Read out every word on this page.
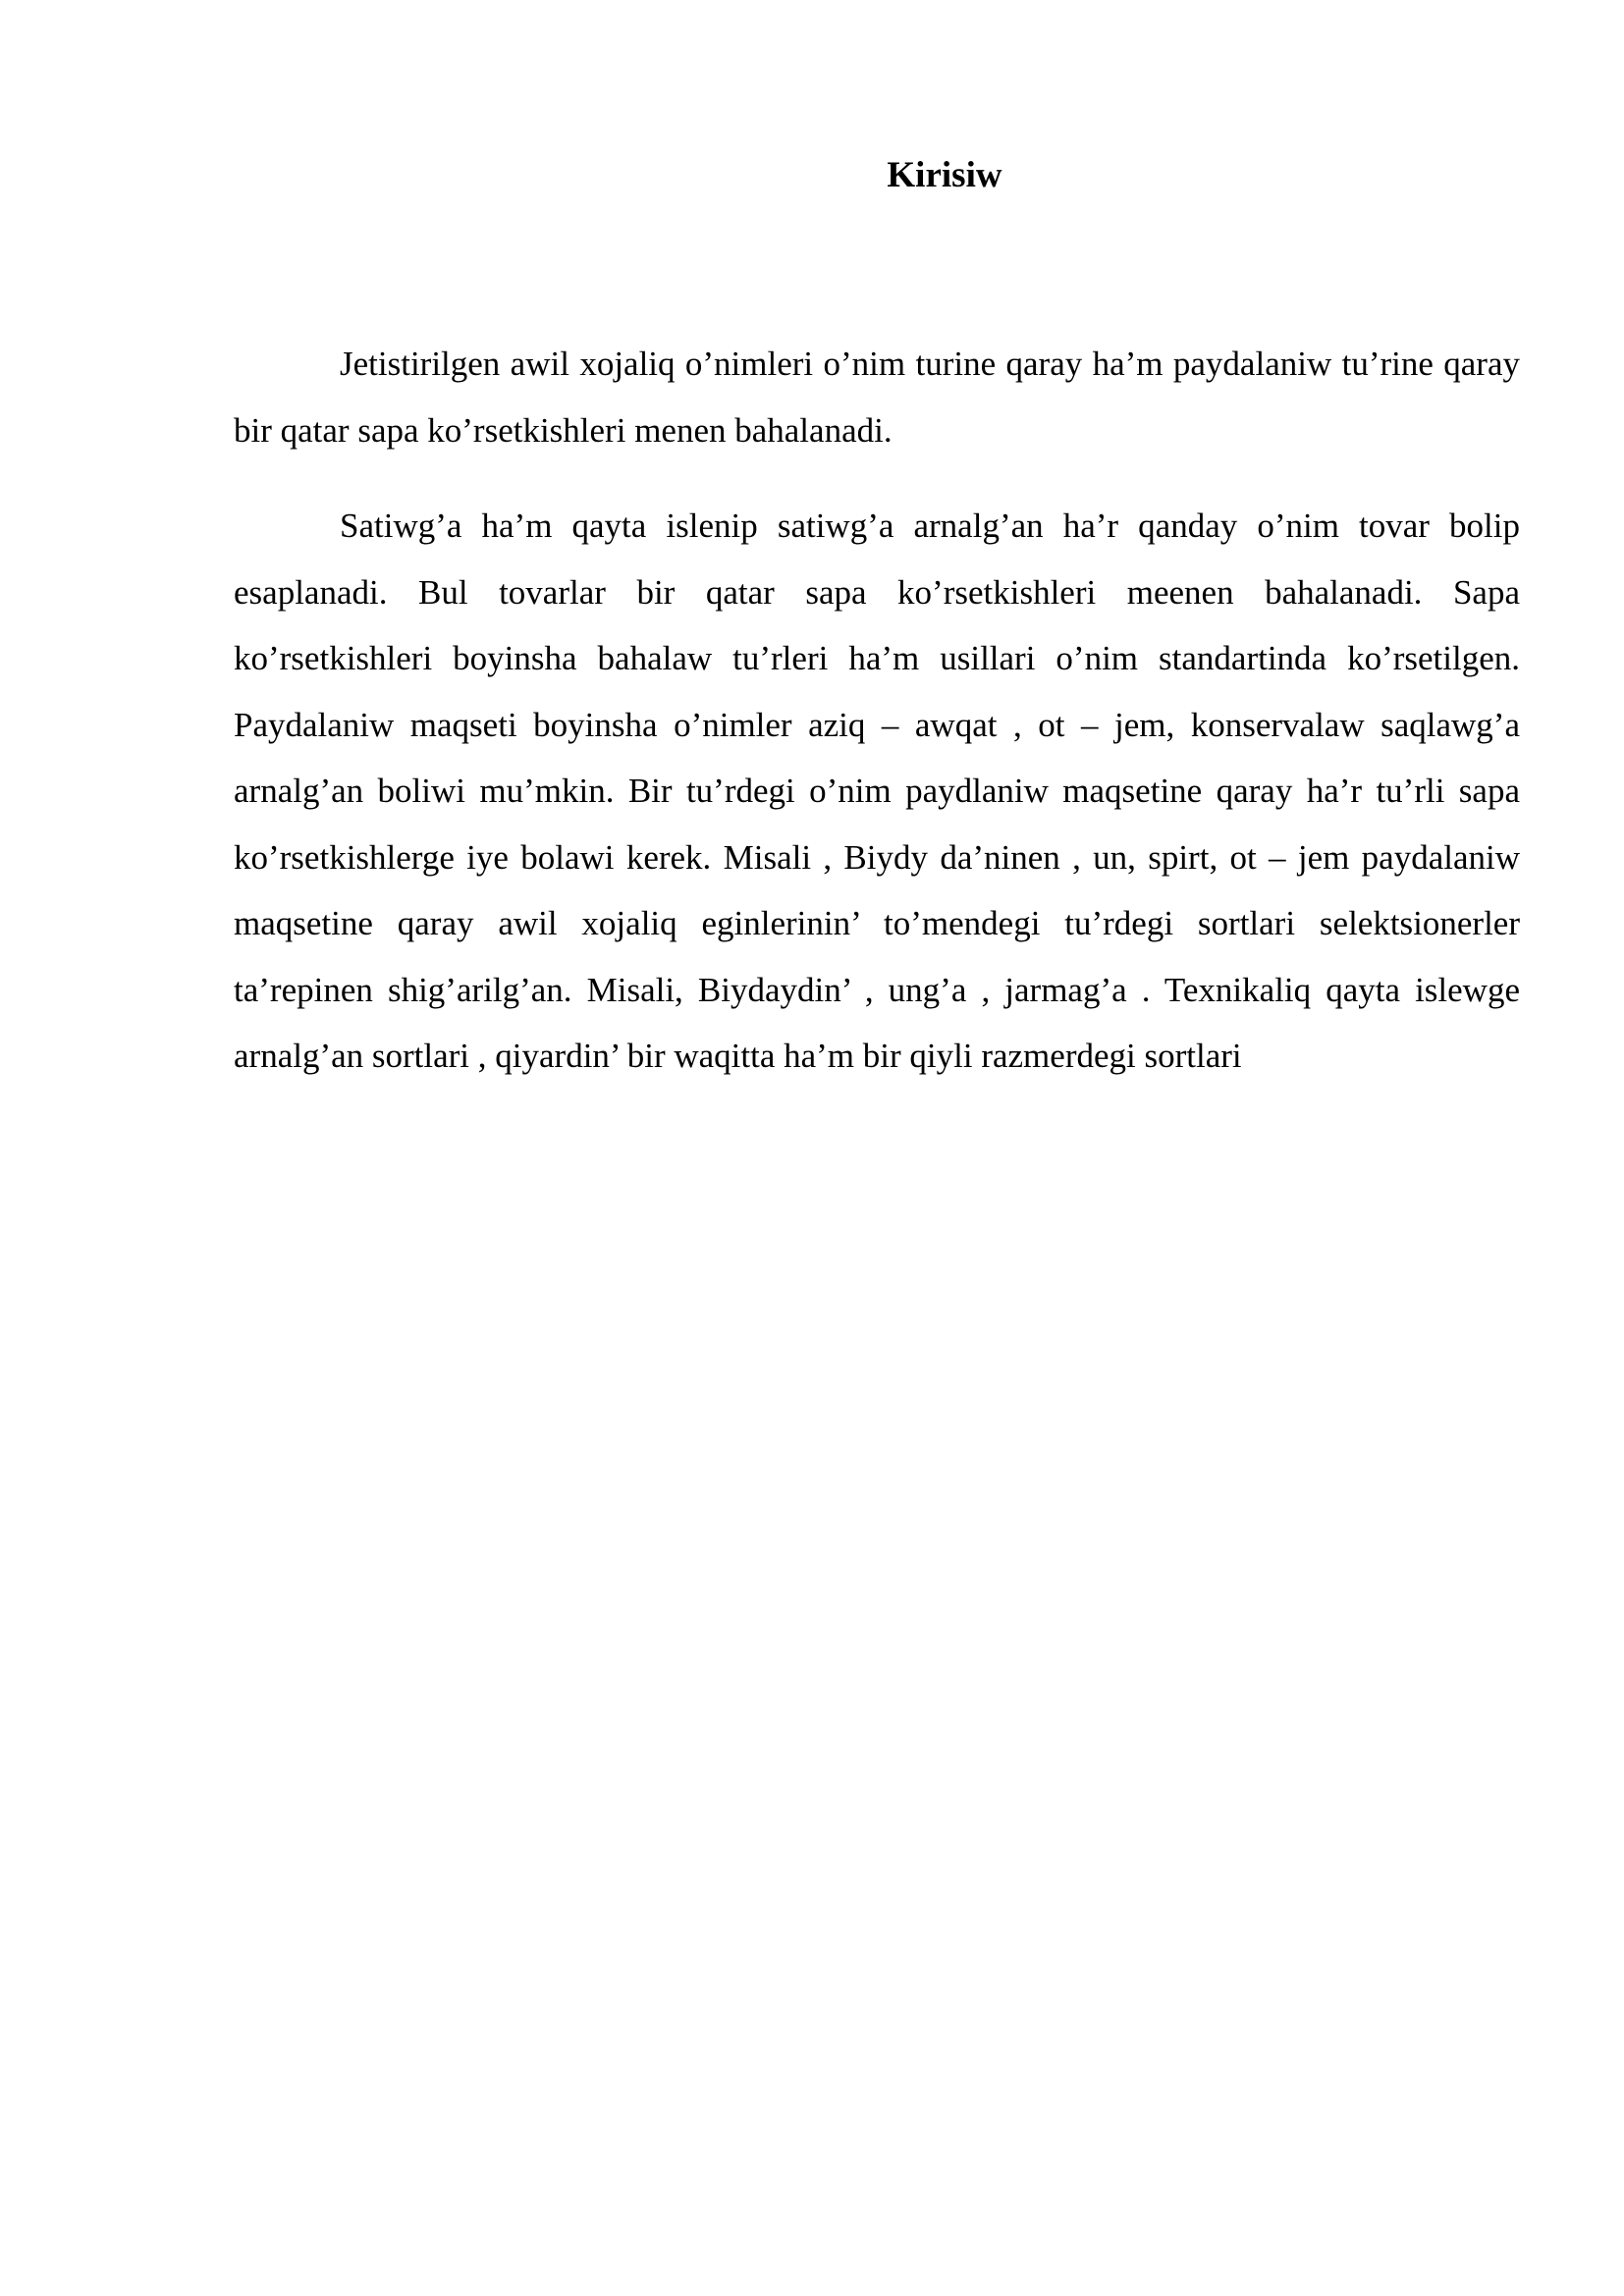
Kirisiw

Jetistirilgen awil xojaliq o’nimleri o’nim turine qaray ha’m paydalaniw tu’rine qaray bir qatar sapa ko’rsetkishleri menen bahalanadi.

Satiwg’a ha’m qayta islenip satiwg’a arnalg’an ha’r qanday o’nim tovar bolip esaplanadi. Bul tovarlar bir qatar sapa ko’rsetkishleri meenen bahalanadi. Sapa ko’rsetkishleri boyinsha bahalaw tu’rleri ha’m usillari o’nim standartinda ko’rsetilgen. Paydalaniw maqseti boyinsha o’nimler aziq – awqat , ot – jem, konservalaw saqlawg’a arnalg’an boliwi mu’mkin. Bir tu’rdegi o’nim paydlaniw maqsetine qaray ha’r tu’rli sapa ko’rsetkishlerge iye bolawi kerek. Misali , Biydy da’ninen , un, spirt, ot – jem paydalaniw maqsetine qaray awil xojaliq eginlerinin’ to’mendegi tu’rdegi sortlari selektsionerler ta’repinen shig’arilg’an. Misali, Biydaydin’ , ung’a , jarmag’a . Texnikaliq qayta islewge arnalg’an sortlari , qiyardin’ bir waqitta ha’m bir qiyli razmerdegi sortlari
